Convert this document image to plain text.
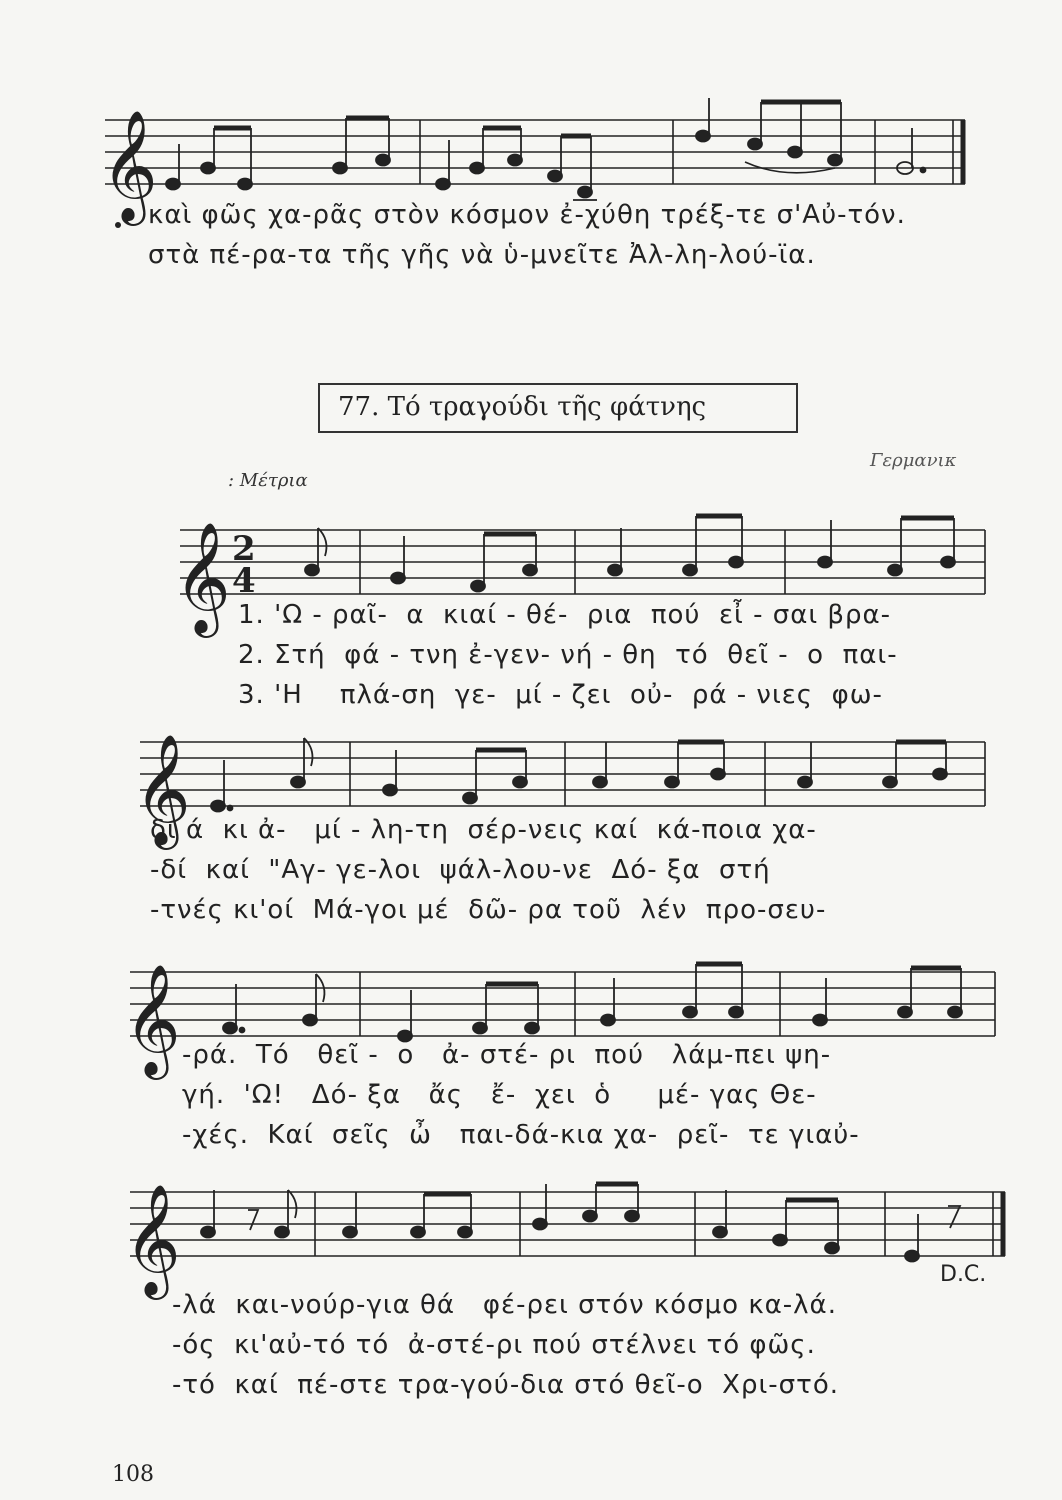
𝄞
καὶ φῶς χα-ρᾶς στὸν κόσμον ἐ-χύθη τρέξ-τε σ'Αὐ-τόν.
στὰ πέ-ρα-τα τῆς γῆς νὰ ὑ-μνεῖτε Ἀλ-λη-λού-ϊα.
77. Τό τραγούδι τῆς φάτνης
: Μέτρια
Γερμανικ
𝄞 2
4
1. 'Ω - ραῖ-  α  κιαί - θέ-  ρια  πού  εἶ - σαι βρα-
2. Στή  φά - τνη ἐ-γεν- νή - θη  τό  θεῖ -  ο  παι-
3. 'Η    πλά-ση  γε-  μί - ζει  οὐ-  ρά - νιες  φω-
𝄞
δι ά  κι ἀ-   μί - λη-τη  σέρ-νεις καί  κά-ποια χα-
-δί  καί  "Αγ- γε-λοι  ψάλ-λου-νε  Δό- ξα  στή
-τνές κι'οί  Μά-γοι μέ  δῶ- ρα τοῦ  λέν  προ-σευ-
𝄞 -ρά.  Τό   θεῖ -  ο   ἀ- στέ- ρι  πού   λάμ-πει ψη-
γή.  'Ω!   Δό- ξα   ἄς   ἔ-  χει  ὁ     μέ- γας Θε-
-χές.  Καί  σεῖς  ὦ   παι-δά-κια χα-  ρεῖ-  τε γιαὐ-
𝄞	D.C.
-λά  και-νούρ-για θά   φέ-ρει στόν κόσμο κα-λά.
-ός  κι'αὐ-τό τό  ἀ-στέ-ρι πού στέλνει τό φῶς.
-τό  καί  πέ-στε τρα-γού-δια στό θεῖ-ο  Χρι-στό.
108
